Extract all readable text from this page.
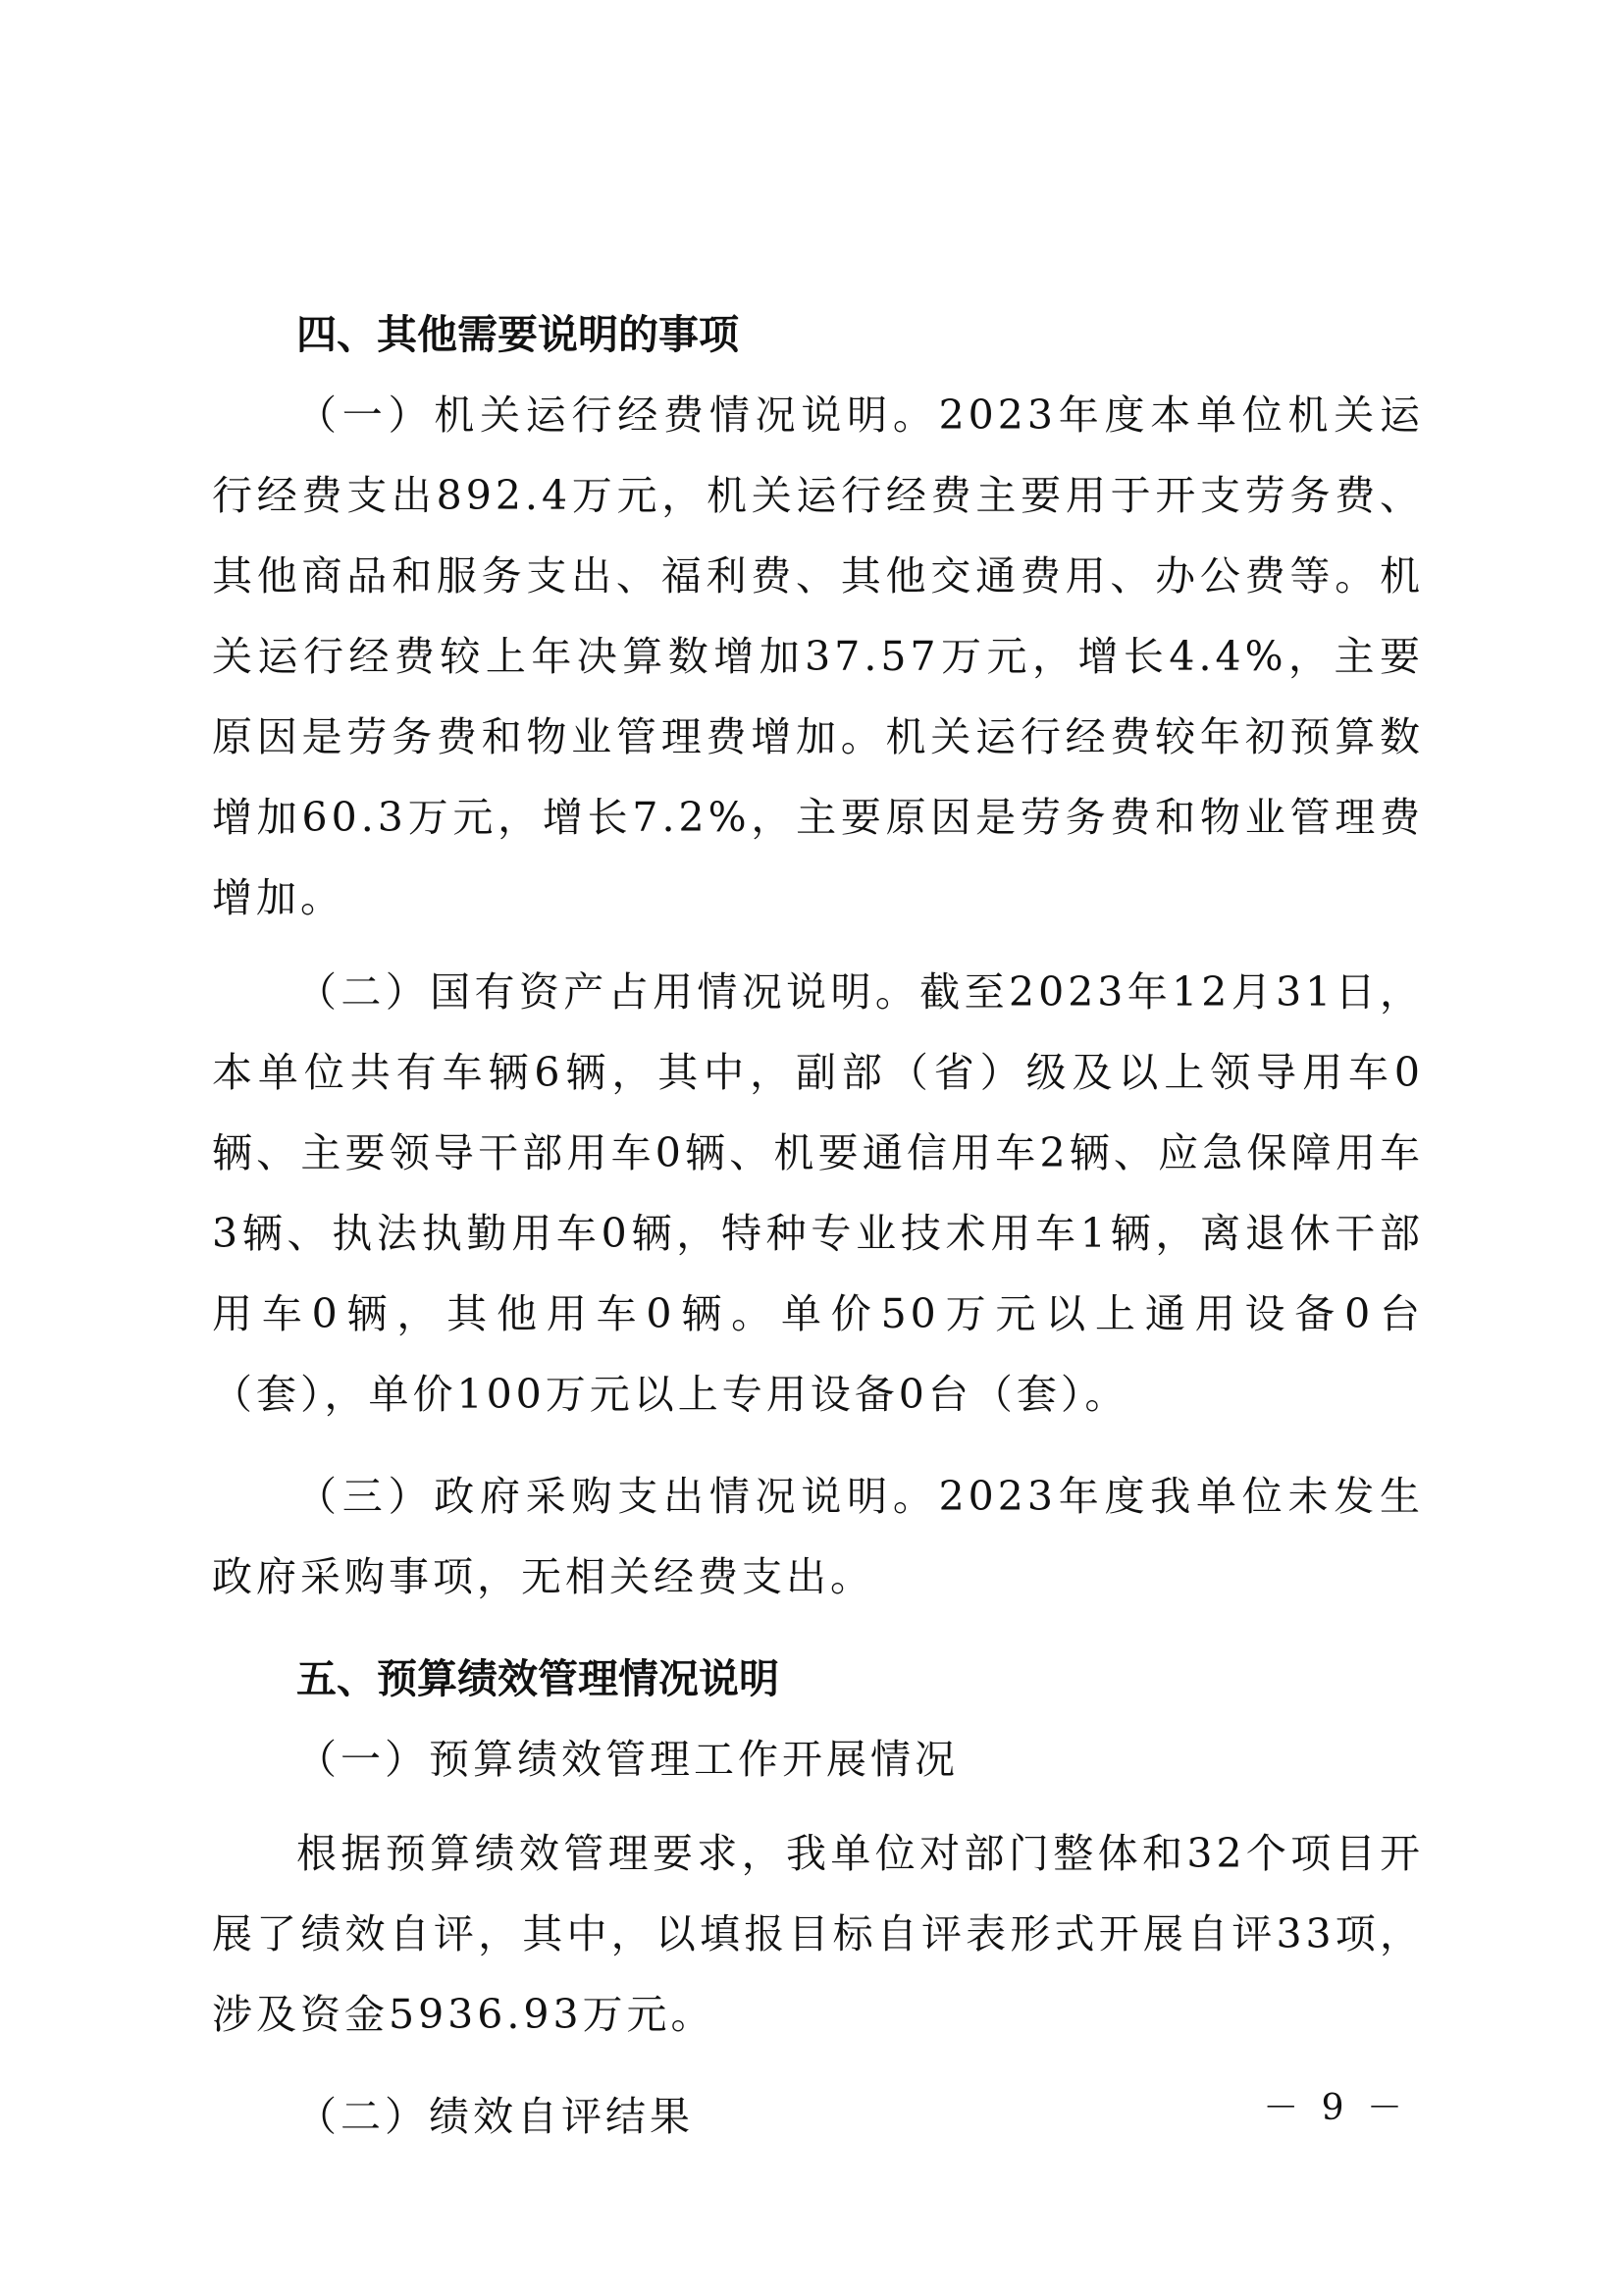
四、其他需要说明的事项

（一）机关运行经费情况说明。2023年度本单位机关运行经费支出892.4万元，机关运行经费主要用于开支劳务费、其他商品和服务支出、福利费、其他交通费用、办公费等。机关运行经费较上年决算数增加37.57万元，增长4.4%，主要原因是劳务费和物业管理费增加。机关运行经费较年初预算数增加60.3万元，增长7.2%，主要原因是劳务费和物业管理费增加。

（二）国有资产占用情况说明。截至2023年12月31日，本单位共有车辆6辆，其中，副部（省）级及以上领导用车0辆、主要领导干部用车0辆、机要通信用车2辆、应急保障用车3辆、执法执勤用车0辆，特种专业技术用车1辆，离退休干部用车0辆，其他用车0辆。单价50万元以上通用设备0台（套），单价100万元以上专用设备0台（套）。

（三）政府采购支出情况说明。2023年度我单位未发生政府采购事项，无相关经费支出。

五、预算绩效管理情况说明

（一）预算绩效管理工作开展情况

根据预算绩效管理要求，我单位对部门整体和32个项目开展了绩效自评，其中，以填报目标自评表形式开展自评33项，涉及资金5936.93万元。

（二）绩效自评结果	－ 9 －
